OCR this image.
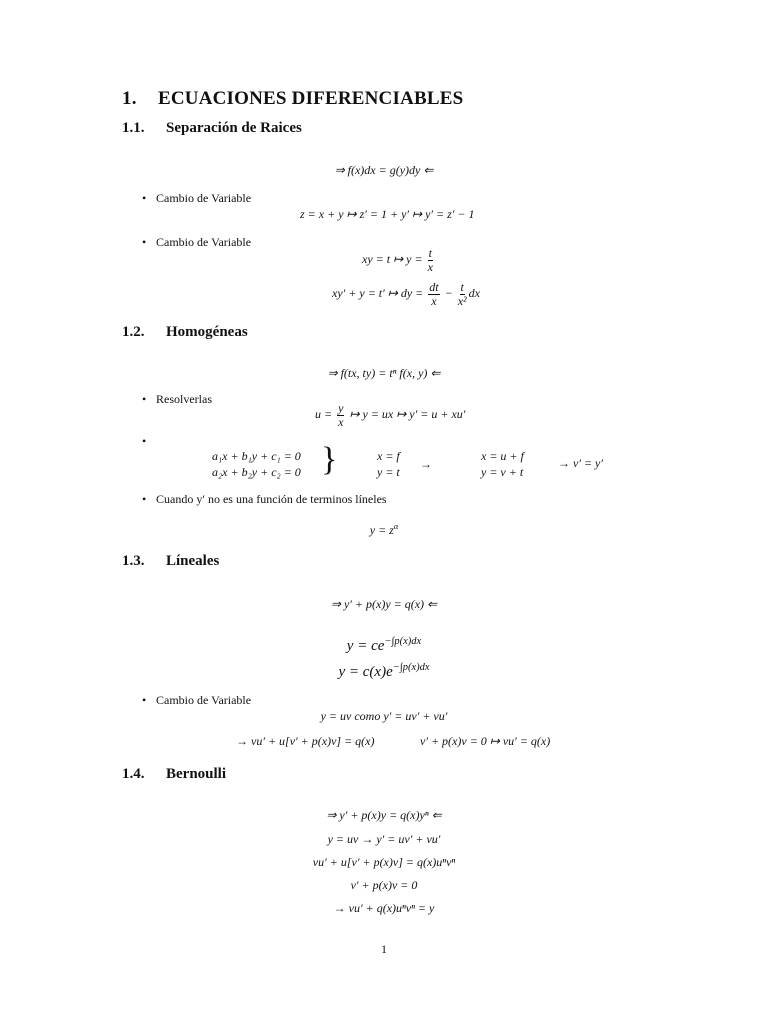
1. ECUACIONES DIFERENCIABLES
1.1. Separación de Raices
⇒ f(x)dx = g(y)dy ⇐
• Cambio de Variable
z = x + y ↦ z′ = 1 + y′ ↦ y′ = z′ − 1
• Cambio de Variable
xy = t ↦ $y = \frac{t}{x}$
xy′ + y = t′ ↦ dy = $\frac{dt}{x} - \frac{t}{\text{x²}}$ dx
1.2. Homogéneas
⇒ f(tx, ty) = tⁿ f(x, y) ⇐
• Resolverlas
$u = \frac{y}{x}$ ↦ y = ux ↦ y′ = u + xu′
•
a₁x + b₁y + c₁ = 0
a₂x + b₂y + c₂ = 0 }	x = f
y = t
→
x = u + f
y = v + t
→ v′ = y′
• Cuando y′ no es una función de terminos líneles
$y = z^\alpha$
1.3. Líneales
⇒ y′ + p(x)y = q(x) ⇐
$y = ce^{-\int p(x)dx}$
$y = c(x)e^{-\int p(x)dx}$
• Cambio de Variable
y = uv como y′ = uv′ + vu′
→ vu′ + u[v′ + p(x)v] = q(x)	v′ + p(x)v = 0 ↦ vu′ = q(x)
1.4. Bernoulli
⇒ y′ + p(x)y = q(x)yⁿ ⇐
y = uv → y′ = uv′ + vu′
vu′ + u[v′ + p(x)v] = q(x)uⁿvⁿ
v′ + p(x)v = 0
→ vu′ + q(x)uⁿvⁿ = y
1
